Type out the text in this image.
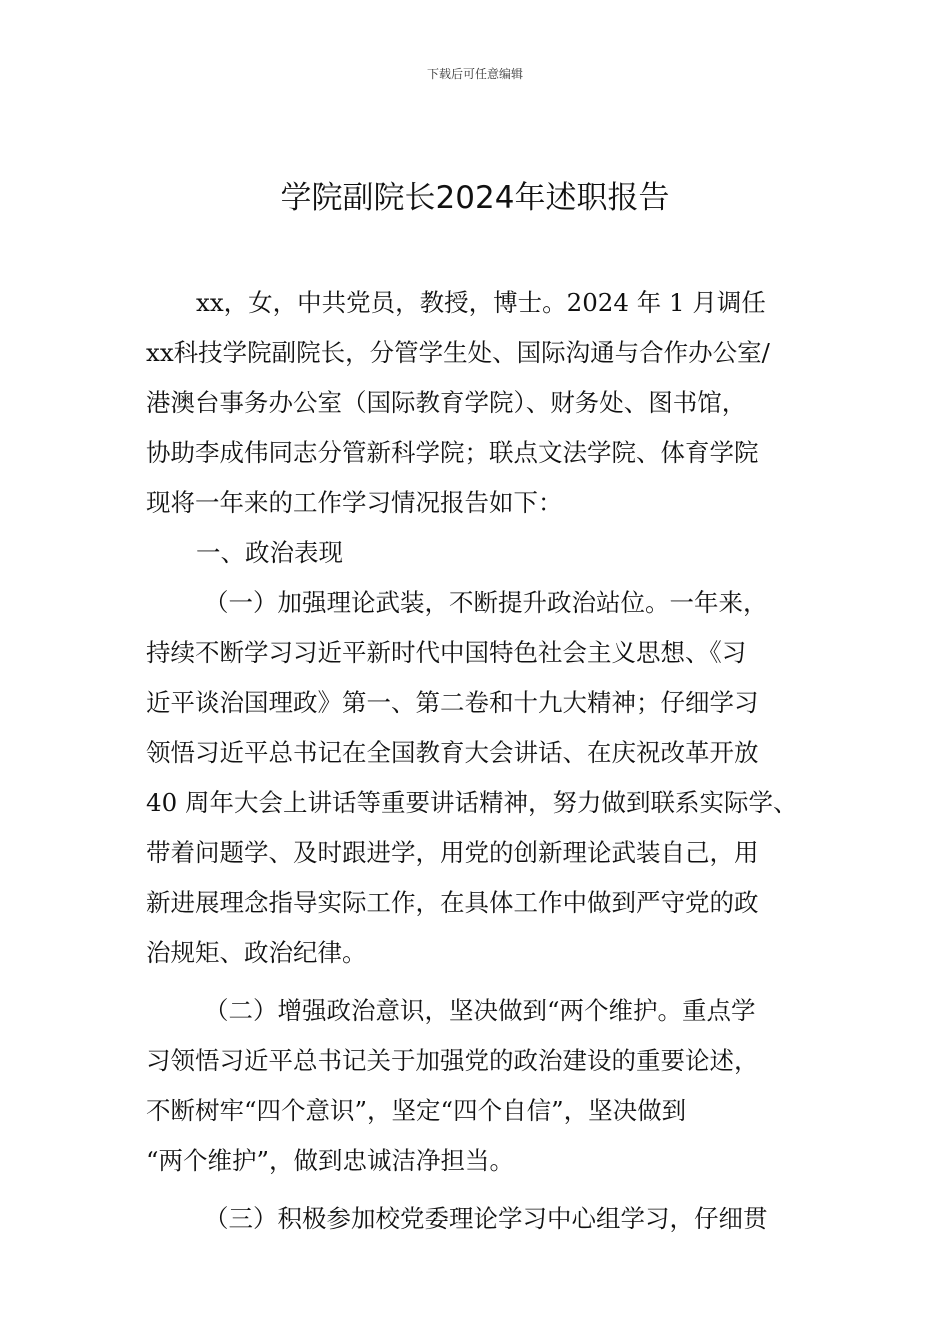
下载后可任意编辑
学院副院长2024年述职报告
xx，女，中共党员，教授，博士。2024 年 1 月调任
xx科技学院副院长，分管学生处、国际沟通与合作办公室/
港澳台事务办公室（国际教育学院）、财务处、图书馆，
协助李成伟同志分管新科学院；联点文法学院、体育学院
现将一年来的工作学习情况报告如下：
一、政治表现
（一）加强理论武装，不断提升政治站位。一年来，
持续不断学习习近平新时代中国特色社会主义思想、《习
近平谈治国理政》第一、第二卷和十九大精神；仔细学习
领悟习近平总书记在全国教育大会讲话、在庆祝改革开放
40 周年大会上讲话等重要讲话精神，努力做到联系实际学、
带着问题学、及时跟进学，用党的创新理论武装自己，用
新进展理念指导实际工作，在具体工作中做到严守党的政
治规矩、政治纪律。
（二）增强政治意识，坚决做到“两个维护。重点学
习领悟习近平总书记关于加强党的政治建设的重要论述，
不断树牢“四个意识”，坚定“四个自信”，坚决做到
“两个维护”，做到忠诚洁净担当。
（三）积极参加校党委理论学习中心组学习，仔细贯
